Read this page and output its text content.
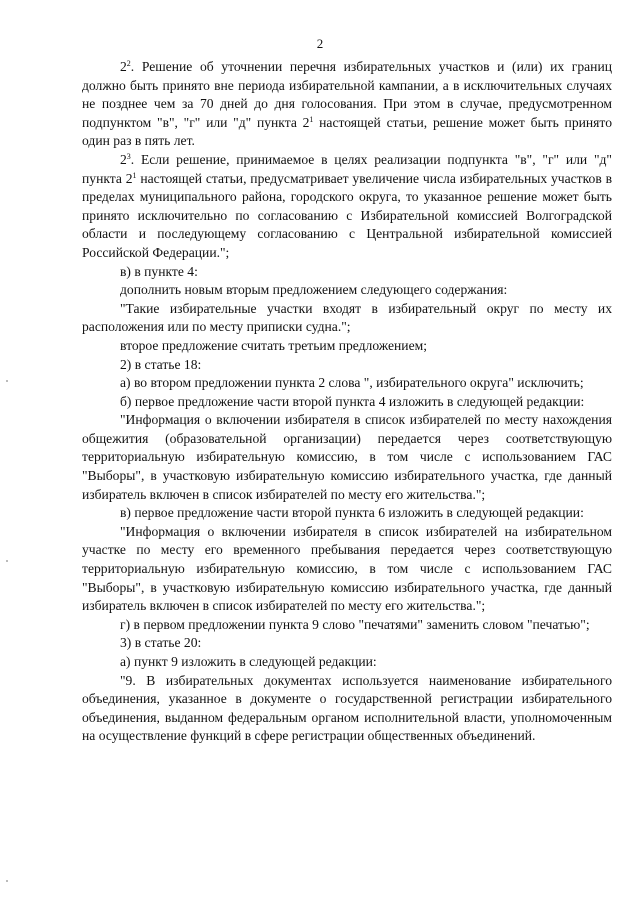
2

$2^2$. Решение об уточнении перечня избирательных участков и (или) их границ должно быть принято вне периода избирательной кампании, а в исключительных случаях не позднее чем за 70 дней до дня голосования. При этом в случае, предусмотренном подпунктом "в", "г" или "д" пункта $2^1$ настоящей статьи, решение может быть принято один раз в пять лет.

$2^3$. Если решение, принимаемое в целях реализации подпункта "в", "г" или "д" пункта $2^1$ настоящей статьи, предусматривает увеличение числа избирательных участков в пределах муниципального района, городского округа, то указанное решение может быть принято исключительно по согласованию с Избирательной комиссией Волгоградской области и последующему согласованию с Центральной избирательной комиссией Российской Федерации.";

в) в пункте 4:

дополнить новым вторым предложением следующего содержания:

"Такие избирательные участки входят в избирательный округ по месту их расположения или по месту приписки судна.";

второе предложение считать третьим предложением;

2) в статье 18:

а) во втором предложении пункта 2 слова ", избирательного округа" исключить;

б) первое предложение части второй пункта 4 изложить в следующей редакции:

"Информация о включении избирателя в список избирателей по месту нахождения общежития (образовательной организации) передается через соответствующую территориальную избирательную комиссию, в том числе с использованием ГАС "Выборы", в участковую избирательную комиссию избирательного участка, где данный избиратель включен в список избирателей по месту его жительства.";

в) первое предложение части второй пункта 6 изложить в следующей редакции:

"Информация о включении избирателя в список избирателей на избирательном участке по месту его временного пребывания передается через соответствующую территориальную избирательную комиссию, в том числе с использованием ГАС "Выборы", в участковую избирательную комиссию избирательного участка, где данный избиратель включен в список избирателей по месту его жительства.";

г) в первом предложении пункта 9 слово "печатями" заменить словом "печатью";

3) в статье 20:

а) пункт 9 изложить в следующей редакции:

"9. В избирательных документах используется наименование избирательного объединения, указанное в документе о государственной регистрации избирательного объединения, выданном федеральным органом исполнительной власти, уполномоченным на осуществление функций в сфере регистрации общественных объединений.
